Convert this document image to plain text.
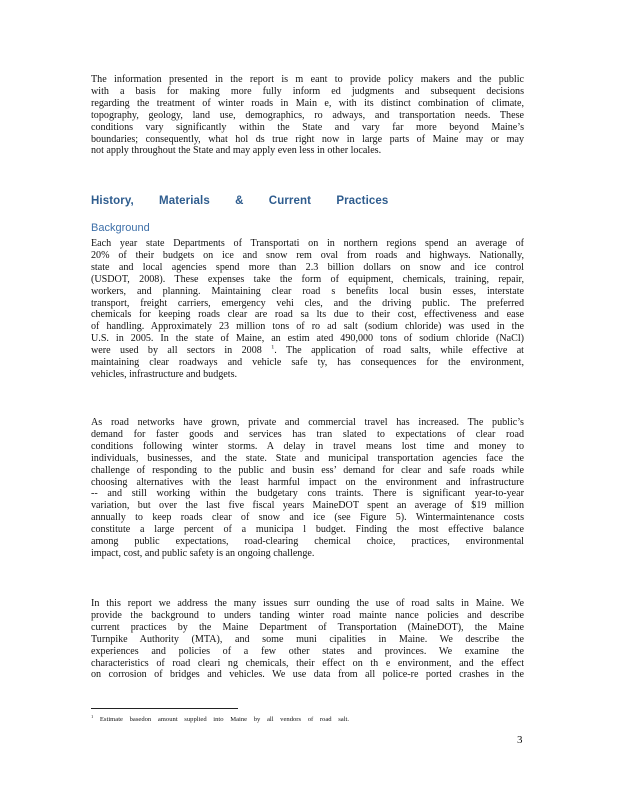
The information presented in the report is m eant to provide policy makers and the public
with a basis for making more fully inform ed judgments and subsequent decisions
regarding the treatment of winter roads in Main e, with its distinct combination of climate,
topography, geology, land use, demographics, ro adways, and transportation needs. These
conditions vary significantly within the State and vary far more beyond Maine’s
boundaries; consequently, what hol ds true right now in large parts of Maine may or may
not apply throughout the State and may apply even less in other locales.
History, Materials & Current Practices
Background
Each year state Departments of Transportati on in northern regions spend an average of
20% of their budgets on ice and snow rem oval from roads and highways. Nationally,
state and local agencies spend more than 2.3 billion dollars on snow and ice control
(USDOT, 2008). These expenses take the form of equipment, chemicals, training, repair,
workers, and planning. Maintaining clear road s benefits local busin esses, interstate
transport, freight carriers, emergency vehi cles, and the driving public. The preferred
chemicals for keeping roads clear are road sa lts due to their cost, effectiveness and ease
of handling. Approximately 23 million tons of ro ad salt (sodium chloride) was used in the
U.S. in 2005. In the state of Maine, an estim ated 490,000 tons of sodium chloride (NaCl)
were used by all sectors in 2008 $^1$. The application of road salts, while effective at
maintaining clear roadways and vehicle safe ty, has consequences for the environment,
vehicles, infrastructure and budgets.
As road networks have grown, private and commercial travel has increased. The public’s
demand for faster goods and services has tran slated to expectations of clear road
conditions following winter storms. A delay in travel means lost time and money to
individuals, businesses, and the state. State and municipal transportation agencies face the
challenge of responding to the public and busin ess’ demand for clear and safe roads while
choosing alternatives with the least harmful impact on the environment and infrastructure
-- and still working within the budgetary cons traints. There is significant year-to-year
variation, but over the last five fiscal years MaineDOT spent an average of $19 million
annually to keep roads clear of snow and ice (see Figure 5). Wintermaintenance costs
constitute a large percent of a municipa l budget. Finding the most effective balance
among public expectations, road-clearing chemical choice, practices, environmental
impact, cost, and public safety is an ongoing challenge.
In this report we address the many issues surr ounding the use of road salts in Maine. We
provide the background to unders tanding winter road mainte nance policies and describe
current practices by the Maine Department of Transportation (MaineDOT), the Maine
Turnpike Authority (MTA), and some muni cipalities in Maine. We describe the
experiences and policies of a few other states and provinces. We examine the
characteristics of road cleari ng chemicals, their effect on th e environment, and the effect
on corrosion of bridges and vehicles. We use data from all police-re ported crashes in the
$^1$ Estimate basedon amount supplied into Maine by all vendors of road salt.
3
